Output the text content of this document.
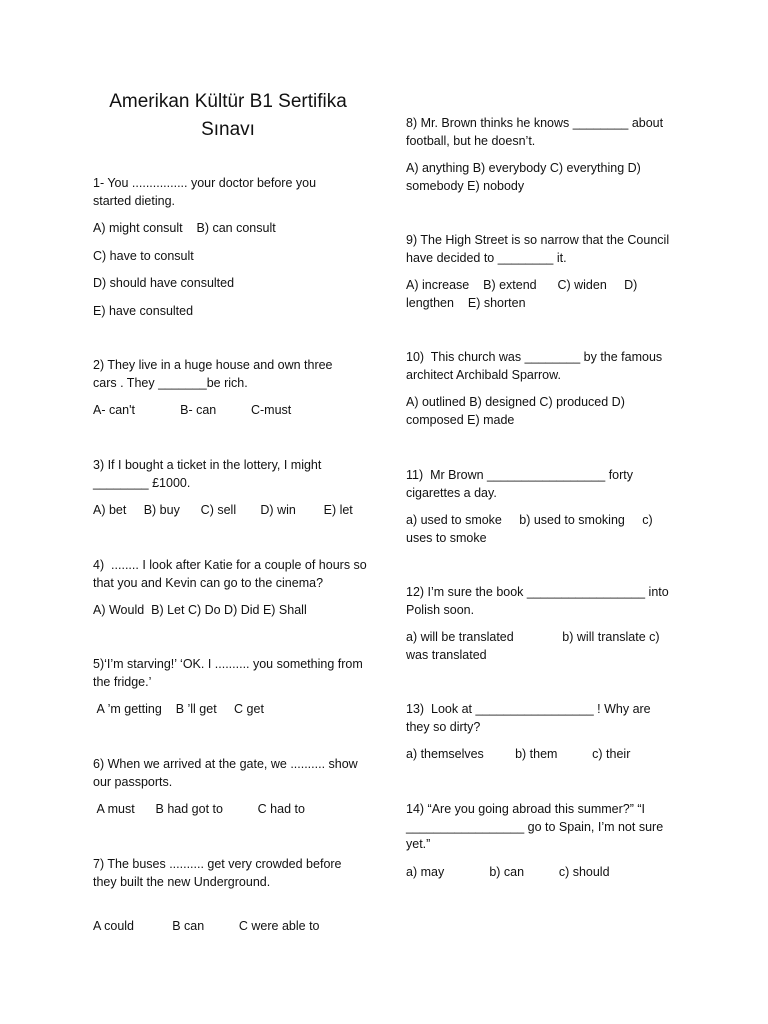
Amerikan Kültür B1 Sertifika Sınavı

1- You ................ your doctor before you started dieting.

A) might consult    B) can consult

C) have to consult

D) should have consulted

E) have consulted

2) They live in a huge house and own three cars . They _______be rich.

A- can't             B- can          C-must

3) If I bought a ticket in the lottery, I might ________ £1000.

A) bet     B) buy      C) sell       D) win        E) let

4)  ........ I look after Katie for a couple of hours so that you and Kevin can go to the cinema?

A) Would  B) Let C) Do D) Did E) Shall

5)‘I’m starving!’ ‘OK. I .......... you something from the fridge.’

A ’m getting    B ’ll get     C get

6) When we arrived at the gate, we .......... show our passports.

A must      B had got to          C had to

7) The buses .......... get very crowded before they built the new Underground.

A could           B can          C were able to

8) Mr. Brown thinks he knows ________ about football, but he doesn’t.

A) anything B) everybody C) everything D) somebody E) nobody

9) The High Street is so narrow that the Council have decided to ________ it.

A) increase    B) extend      C) widen     D) lengthen    E) shorten

10)  This church was ________ by the famous architect Archibald Sparrow.

A) outlined B) designed C) produced D) composed E) made

11)  Mr Brown _________________ forty cigarettes a day.

a) used to smoke     b) used to smoking     c) uses to smoke

12) I’m sure the book _________________ into Polish soon.

a) will be translated              b) will translate c) was translated

13)  Look at _________________ ! Why are they so dirty?

a) themselves         b) them          c) their

14) “Are you going abroad this summer?” “I _________________ go to Spain, I’m not sure yet.”

a) may             b) can          c) should
